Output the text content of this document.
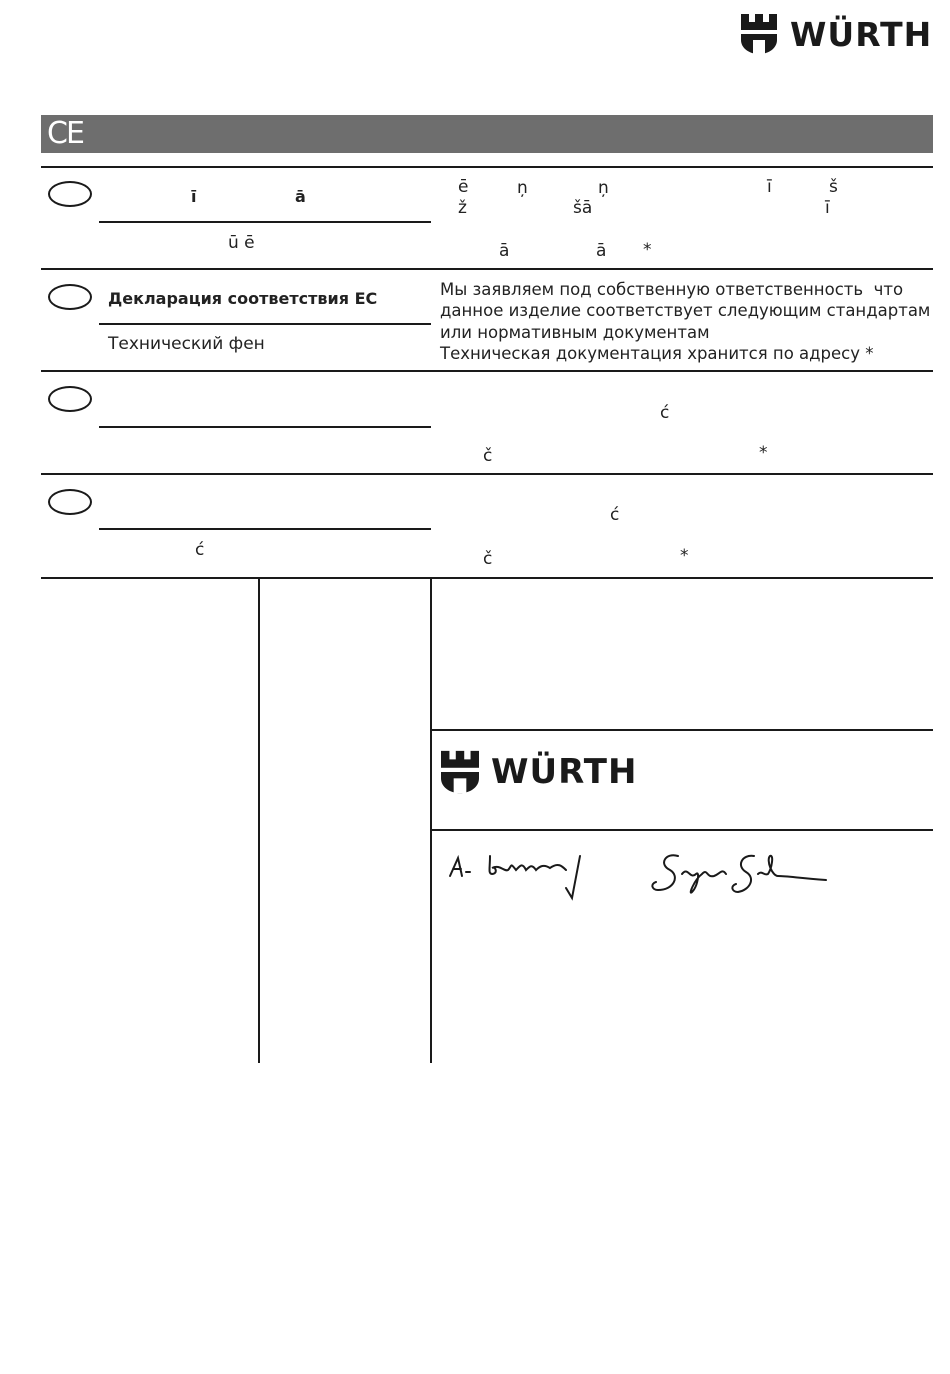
WÜRTH
CE
ī	ā
ū ē
ē	ņ	ņ	ī	š
ž	šā	ī
ā	ā *
Декларация соответствия ЕС
Технический фен
Мы заявляем под собственную ответственность  что
данное изделие соответствует следующим стандартам
или нормативным документам
Техническая документация хранится по адресу *
ć
č	*
ć
ć
č	*
WÜRTH
